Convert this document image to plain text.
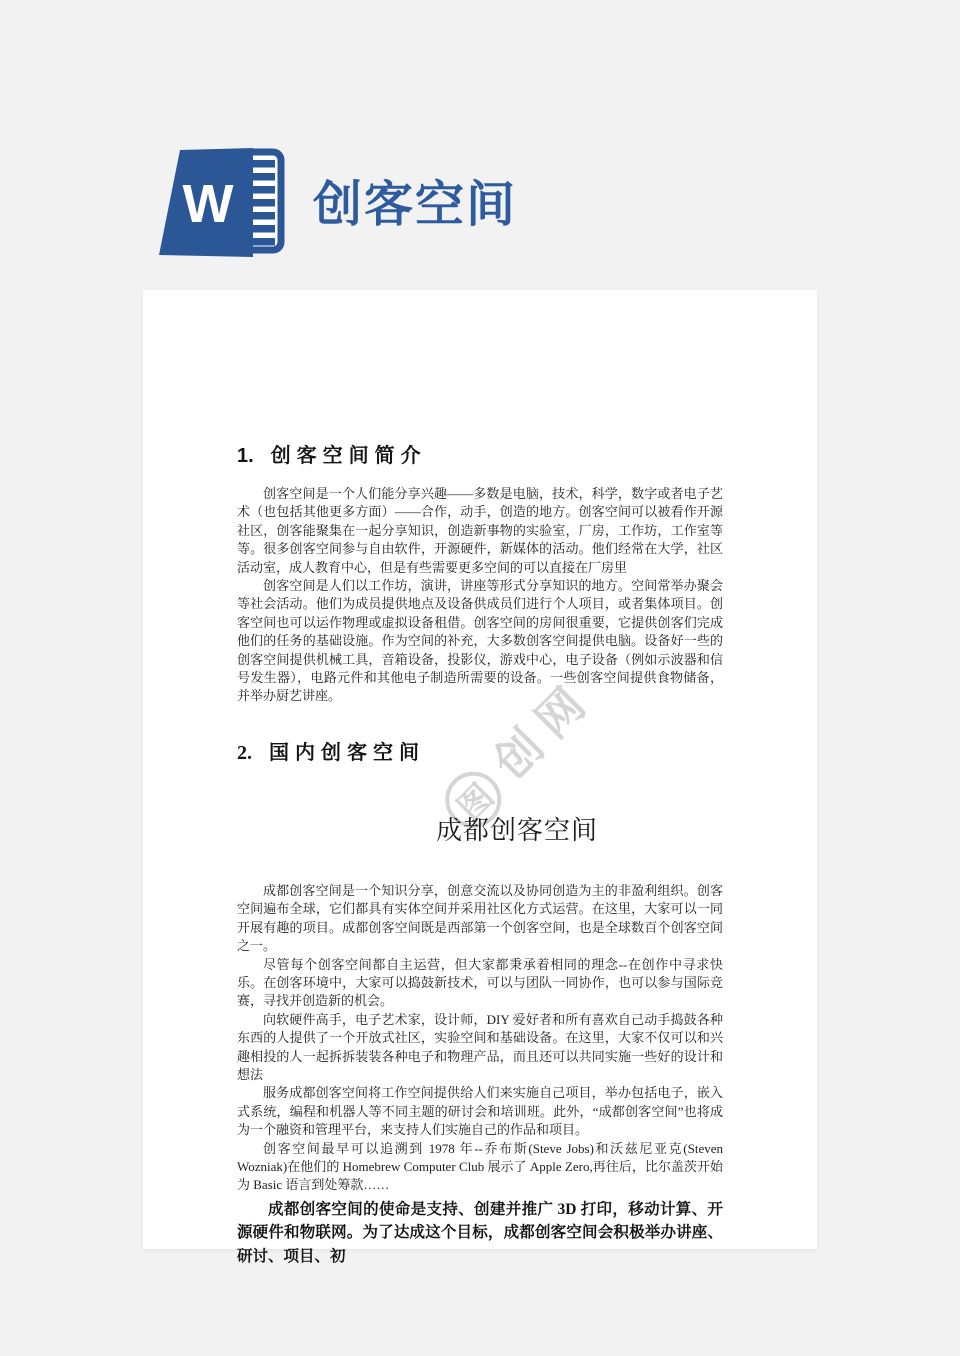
W 创客空间
图
创
网
1. 创客空间简介

创客空间是一个人们能分享兴趣——多数是电脑，技术，科学，数字或者电子艺术（也包括其他更多方面）——合作，动手，创造的地方。创客空间可以被看作开源社区，创客能聚集在一起分享知识，创造新事物的实验室，厂房，工作坊，工作室等等。很多创客空间参与自由软件，开源硬件，新媒体的活动。他们经常在大学，社区活动室，成人教育中心，但是有些需要更多空间的可以直接在厂房里

创客空间是人们以工作坊，演讲，讲座等形式分享知识的地方。空间常举办聚会等社会活动。他们为成员提供地点及设备供成员们进行个人项目，或者集体项目。创客空间也可以运作物理或虚拟设备租借。创客空间的房间很重要，它提供创客们完成他们的任务的基础设施。作为空间的补充，大多数创客空间提供电脑。设备好一些的创客空间提供机械工具，音箱设备，投影仪，游戏中心，电子设备（例如示波器和信号发生器），电路元件和其他电子制造所需要的设备。一些创客空间提供食物储备，并举办厨艺讲座。

2. 国内创客空间
成都创客空间

成都创客空间是一个知识分享，创意交流以及协同创造为主的非盈利组织。创客空间遍布全球，它们都具有实体空间并采用社区化方式运营。在这里，大家可以一同开展有趣的项目。成都创客空间既是西部第一个创客空间，也是全球数百个创客空间之一。

尽管每个创客空间都自主运营，但大家都秉承着相同的理念--在创作中寻求快乐。在创客环境中，大家可以捣鼓新技术，可以与团队一同协作，也可以参与国际竞赛，寻找并创造新的机会。

向软硬件高手，电子艺术家，设计师，DIY 爱好者和所有喜欢自己动手捣鼓各种东西的人提供了一个开放式社区，实验空间和基础设备。在这里，大家不仅可以和兴趣相投的人一起拆拆装装各种电子和物理产品，而且还可以共同实施一些好的设计和想法

服务成都创客空间将工作空间提供给人们来实施自己项目，举办包括电子，嵌入式系统，编程和机器人等不同主题的研讨会和培训班。此外，“成都创客空间”也将成为一个融资和管理平台，来支持人们实施自己的作品和项目。

创客空间最早可以追溯到 1978 年--乔布斯(Steve Jobs)和沃兹尼亚克(Steven Wozniak)在他们的 Homebrew Computer Club 展示了 Apple Zero,再往后，比尔盖茨开始为 Basic 语言到处筹款……

成都创客空间的使命是支持、创建并推广 3D 打印，移动计算、开源硬件和物联网。为了达成这个目标，成都创客空间会积极举办讲座、研讨、项目、初
